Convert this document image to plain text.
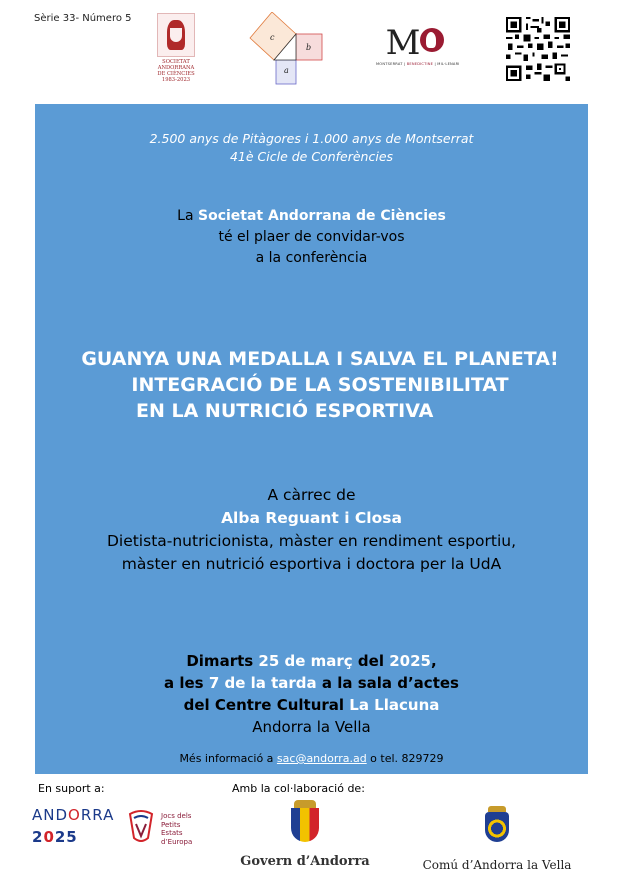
Sèrie 33- Número 5
SOCIETAT
ANDORRANA
DE CIÈNCIES
1983-2023
c
b
a
M
MONTSERRAT | BENEDICTINE | MIL·LENARI
2.500 anys de Pitàgores i 1.000 anys de Montserrat
41è Cicle de Conferències
La Societat Andorrana de Ciències
té el plaer de convidar-vos
a la conferència
GUANYA UNA MEDALLA I SALVA EL PLANETA!
INTEGRACIÓ DE LA SOSTENIBILITAT
EN LA NUTRICIÓ ESPORTIVA
A càrrec de
Alba Reguant i Closa
Dietista-nutricionista, màster en rendiment esportiu,
màster en nutrició esportiva i doctora per la UdA
Dimarts 25 de març del 2025,
a les 7 de la tarda a la sala d’actes
del Centre Cultural La Llacuna
Andorra la Vella
Més informació a sac@andorra.ad o tel. 829729
En suport a:	Amb la col·laboració de:
ANDORRA
2025
Jocs dels
Petits
Estats
d’Europa
Govern d’Andorra	Comú d’Andorra la Vella
